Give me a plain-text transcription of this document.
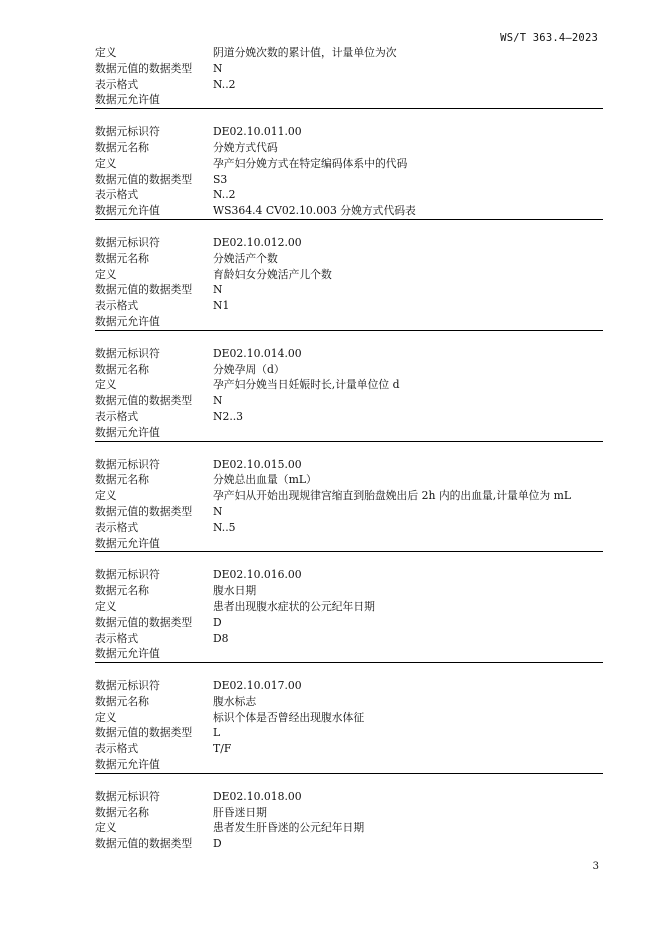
WS/T 363.4—2023
定义	阴道分娩次数的累计值，计量单位为次
数据元值的数据类型	N
表示格式	N..2
数据元允许值
数据元标识符	DE02.10.011.00
数据元名称	分娩方式代码
定义	孕产妇分娩方式在特定编码体系中的代码
数据元值的数据类型	S3
表示格式	N..2
数据元允许值	WS364.4 CV02.10.003 分娩方式代码表
数据元标识符	DE02.10.012.00
数据元名称	分娩活产个数
定义	育龄妇女分娩活产儿个数
数据元值的数据类型	N
表示格式	N1
数据元允许值
数据元标识符	DE02.10.014.00
数据元名称	分娩孕周（d）
定义	孕产妇分娩当日妊娠时长,计量单位位 d
数据元值的数据类型	N
表示格式	N2..3
数据元允许值
数据元标识符	DE02.10.015.00
数据元名称	分娩总出血量（mL）
定义	孕产妇从开始出现规律宫缩直到胎盘娩出后 2h 内的出血量,计量单位为 mL
数据元值的数据类型	N
表示格式	N..5
数据元允许值
数据元标识符	DE02.10.016.00
数据元名称	腹水日期
定义	患者出现腹水症状的公元纪年日期
数据元值的数据类型	D
表示格式	D8
数据元允许值
数据元标识符	DE02.10.017.00
数据元名称	腹水标志
定义	标识个体是否曾经出现腹水体征
数据元值的数据类型	L
表示格式	T/F
数据元允许值
数据元标识符	DE02.10.018.00
数据元名称	肝昏迷日期
定义	患者发生肝昏迷的公元纪年日期
数据元值的数据类型	D
3
